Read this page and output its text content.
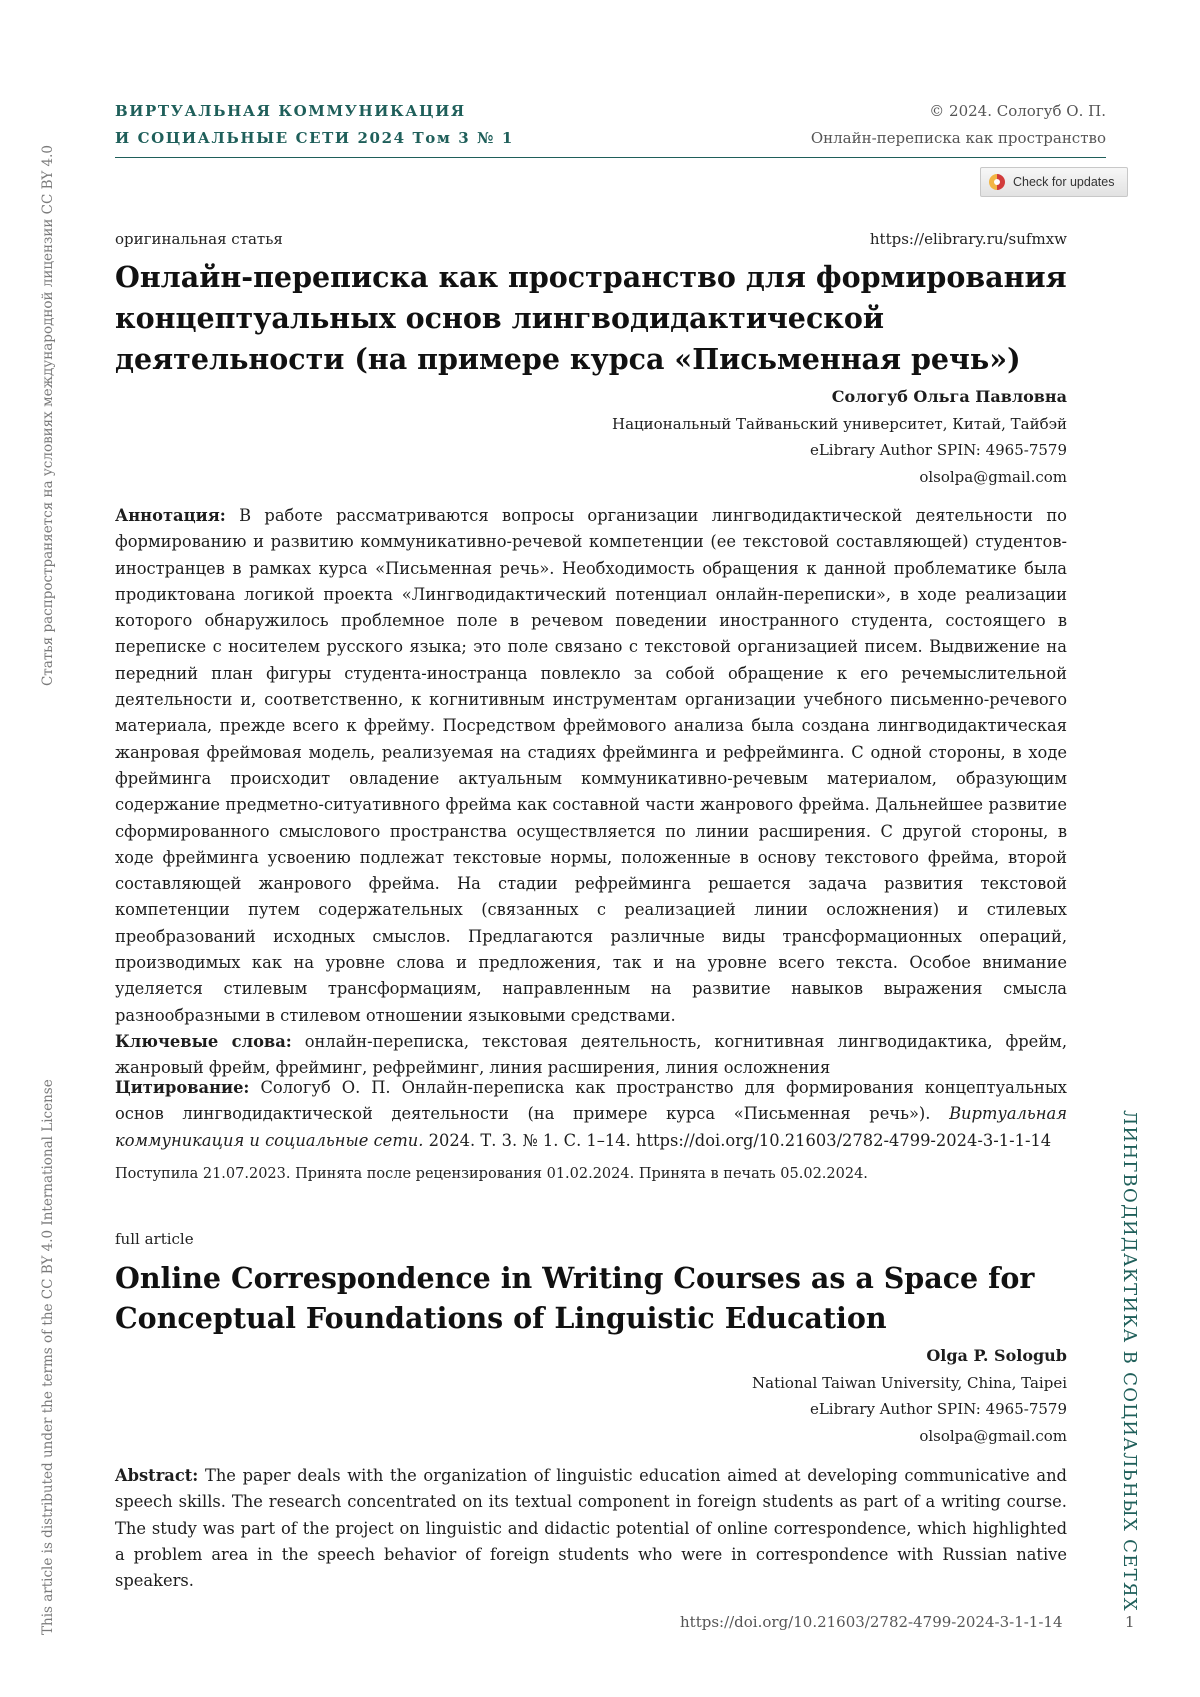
ВИРТУАЛЬНАЯ КОММУНИКАЦИЯ
И СОЦИАЛЬНЫЕ СЕТИ 2024 Том 3 № 1
© 2024. Сологуб О. П.
Онлайн-переписка как пространство
Check for updates
This article is distributed under the terms of the CC BY 4.0 International License
Статья распространяется на условиях международной лицензии CC BY 4.0
ЛИНГВОДИДАКТИКА В СОЦИАЛЬНЫХ СЕТЯХ
оригинальная статья	https://elibrary.ru/sufmxw
Онлайн-переписка как пространство для формирования концептуальных основ лингводидактической деятельности (на примере курса «Письменная речь»)
Сологуб Ольга Павловна
Национальный Тайваньский университет, Китай, Тайбэй
eLibrary Author SPIN: 4965-7579
olsolpa@gmail.com
Аннотация: В работе рассматриваются вопросы организации лингводидактической деятельности по формированию и развитию коммуникативно-речевой компетенции (ее текстовой составляющей) студентов-иностранцев в рамках курса «Письменная речь». Необходимость обращения к данной проблематике была продиктована логикой проекта «Лингводидактический потенциал онлайн-переписки», в ходе реализации которого обнаружилось проблемное поле в речевом поведении иностранного студента, состоящего в переписке с носителем русского языка; это поле связано с текстовой организацией писем. Выдвижение на передний план фигуры студента-иностранца повлекло за собой обращение к его речемыслительной деятельности и, соответственно, к когнитивным инструментам организации учебного письменно-речевого материала, прежде всего к фрейму. Посредством фреймового анализа была создана лингводидактическая жанровая фреймовая модель, реализуемая на стадиях фрейминга и рефрейминга. С одной стороны, в ходе фрейминга происходит овладение актуальным коммуникативно-речевым материалом, образующим содержание предметно-ситуативного фрейма как составной части жанрового фрейма. Дальнейшее развитие сформированного смыслового пространства осуществляется по линии расширения. С другой стороны, в ходе фрейминга усвоению подлежат текстовые нормы, положенные в основу текстового фрейма, второй составляющей жанрового фрейма. На стадии рефрейминга решается задача развития текстовой компетенции путем содержательных (связанных с реализацией линии осложнения) и стилевых преобразований исходных смыслов. Предлагаются различные виды трансформационных операций, производимых как на уровне слова и предложения, так и на уровне всего текста. Особое внимание уделяется стилевым трансформациям, направленным на развитие навыков выражения смысла разнообразными в стилевом отношении языковыми средствами.
Ключевые слова: онлайн-переписка, текстовая деятельность, когнитивная лингводидактика, фрейм, жанровый фрейм, фрейминг, рефрейминг, линия расширения, линия осложнения
Цитирование: Сологуб О. П. Онлайн-переписка как пространство для формирования концептуальных основ лингводидактической деятельности (на примере курса «Письменная речь»). Виртуальная коммуникация и социальные сети. 2024. Т. 3. № 1. С. 1–14. https://doi.org/10.21603/2782-4799-2024-3-1-1-14
Поступила 21.07.2023. Принята после рецензирования 01.02.2024. Принята в печать 05.02.2024.
full article
Online Correspondence in Writing Courses as a Space for Conceptual Foundations of Linguistic Education
Olga P. Sologub
National Taiwan University, China, Taipei
eLibrary Author SPIN: 4965-7579
olsolpa@gmail.com
Abstract: The paper deals with the organization of linguistic education aimed at developing communicative and speech skills. The research concentrated on its textual component in foreign students as part of a writing course. The study was part of the project on linguistic and didactic potential of online correspondence, which highlighted a problem area in the speech behavior of foreign students who were in correspondence with Russian native speakers.
https://doi.org/10.21603/2782-4799-2024-3-1-1-14	1
